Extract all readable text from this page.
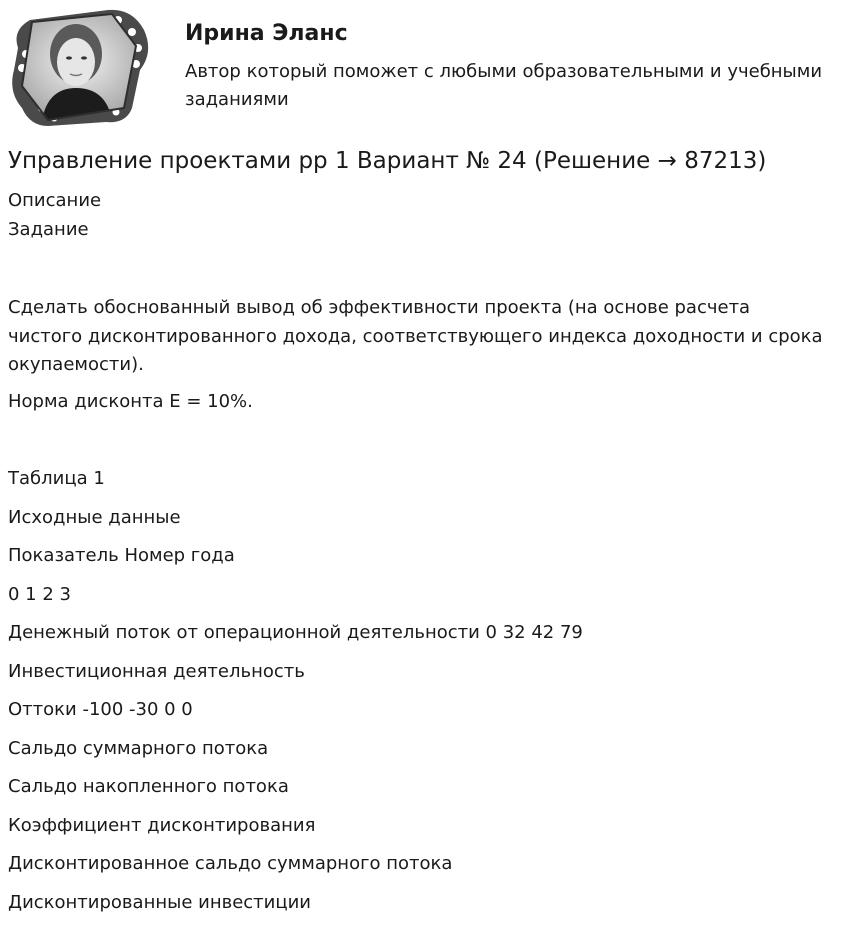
Ирина Эланс

Автор который поможет с любыми образовательными и учебными заданиями

Управление проектами рр 1 Вариант № 24 (Решение → 87213)

Описание

Задание

Сделать обоснованный вывод об эффективности проекта (на основе расчета чистого дисконтированного дохода, соответствующего индекса доходности и срока окупаемости).

Норма дисконта Е = 10%.

Таблица 1

Исходные данные

Показатель Номер года

0 1 2 3

Денежный поток от операционной деятельности 0 32 42 79

Инвестиционная деятельность

Оттоки -100 -30 0 0

Сальдо суммарного потока

Сальдо накопленного потока

Коэффициент дисконтирования

Дисконтированное сальдо суммарного потока

Дисконтированные инвестиции
